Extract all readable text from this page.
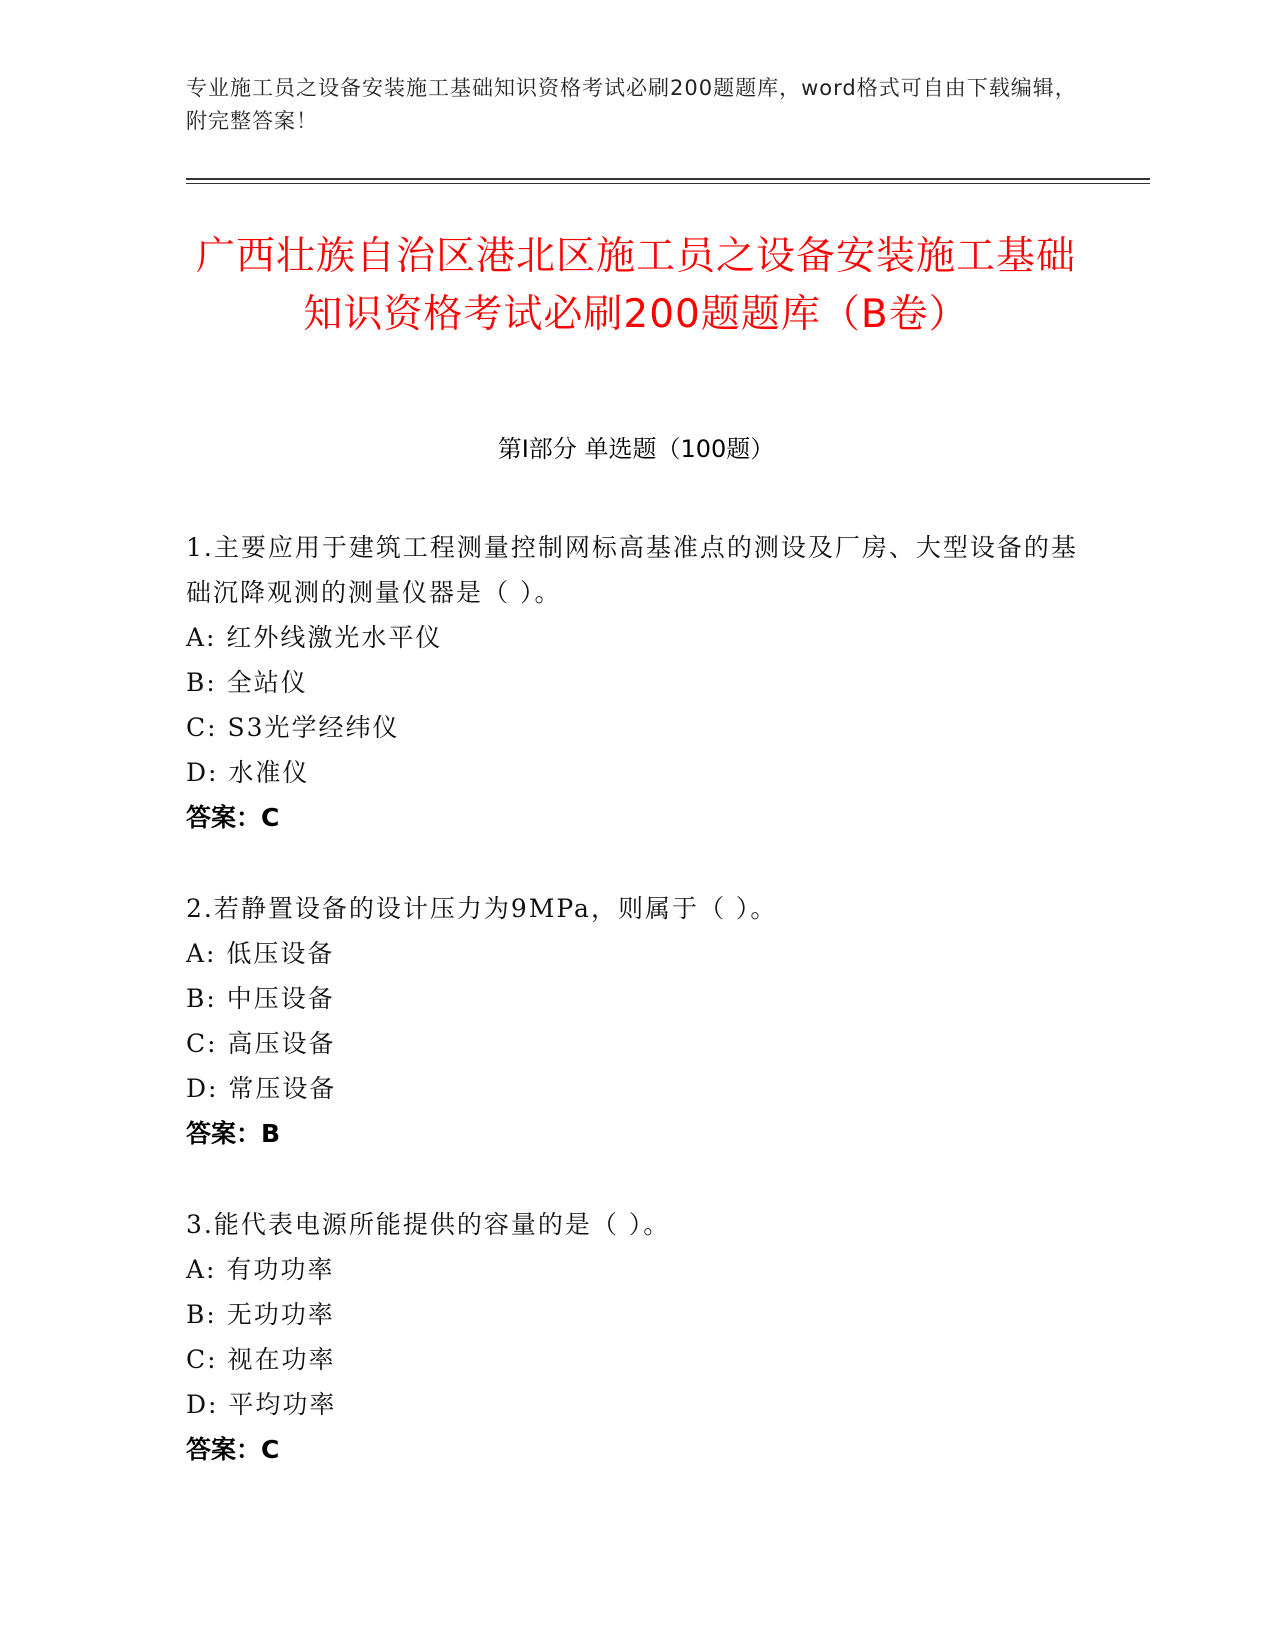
专业施工员之设备安装施工基础知识资格考试必刷200题题库，word格式可自由下载编辑，附完整答案！
广西壮族自治区港北区施工员之设备安装施工基础知识资格考试必刷200题题库（B卷）
第I部分 单选题（100题）
1.主要应用于建筑工程测量控制网标高基准点的测设及厂房、大型设备的基础沉降观测的测量仪器是（ ）。
A: 红外线激光水平仪
B: 全站仪
C: S3光学经纬仪
D: 水准仪
答案：C
2.若静置设备的设计压力为9MPa，则属于（ ）。
A: 低压设备
B: 中压设备
C: 高压设备
D: 常压设备
答案：B
3.能代表电源所能提供的容量的是（ ）。
A: 有功功率
B: 无功功率
C: 视在功率
D: 平均功率
答案：C
